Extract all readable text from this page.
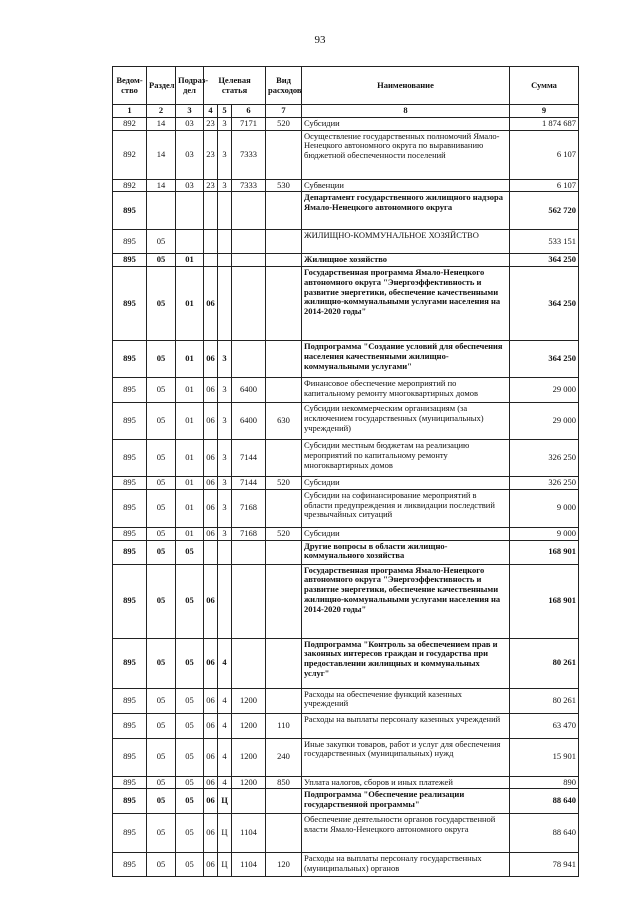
93
Ведом-ство	Раздел	Подраз-дел	Целевая статья			Вид расходов	Наименование	Сумма
1	2	3	4	5	6	7	8	9
892	14	03	23	3	7171	520	Субсидии	1 874 687
892	14	03	23	3	7333		Осуществление государственных полномочий Ямало-Ненецкого автономного округа по выравниванию бюджетной обеспеченности поселений	6 107
892	14	03	23	3	7333	530	Субвенции	6 107
895							Департамент государственного жилищного надзора Ямало-Ненецкого автономного округа	562 720
895	05						ЖИЛИЩНО-КОММУНАЛЬНОЕ ХОЗЯЙСТВО	533 151
895	05	01					Жилищное хозяйство	364 250
895	05	01	06				Государственная программа Ямало-Ненецкого автономного округа "Энергоэффективность и развитие энергетики, обеспечение качественными жилищно-коммунальными услугами населения на 2014-2020 годы"	364 250
895	05	01	06	3			Подпрограмма "Создание условий для обеспечения населения качественными жилищно-коммунальными услугами"	364 250
895	05	01	06	3	6400		Финансовое обеспечение мероприятий по капитальному ремонту многоквартирных домов	29 000
895	05	01	06	3	6400	630	Субсидии некоммерческим организациям (за исключением государственных (муниципальных) учреждений)	29 000
895	05	01	06	3	7144		Субсидии местным бюджетам на реализацию мероприятий по капитальному ремонту многоквартирных домов	326 250
895	05	01	06	3	7144	520	Субсидии	326 250
895	05	01	06	3	7168		Субсидии на софинансирование мероприятий в области предупреждения и ликвидации последствий чрезвычайных ситуаций	9 000
895	05	01	06	3	7168	520	Субсидии	9 000
895	05	05					Другие вопросы в области жилищно-коммунального хозяйства	168 901
895	05	05	06				Государственная программа Ямало-Ненецкого автономного округа "Энергоэффективность и развитие энергетики, обеспечение качественными жилищно-коммунальными услугами населения на 2014-2020 годы"	168 901
895	05	05	06	4			Подпрограмма "Контроль за обеспечением прав и законных интересов граждан и государства при предоставлении жилищных и коммунальных услуг"	80 261
895	05	05	06	4	1200		Расходы на обеспечение функций казенных учреждений	80 261
895	05	05	06	4	1200	110	Расходы на выплаты персоналу казенных учреждений	63 470
895	05	05	06	4	1200	240	Иные закупки товаров, работ и услуг для обеспечения государственных (муниципальных) нужд	15 901
895	05	05	06	4	1200	850	Уплата налогов, сборов и иных платежей	890
895	05	05	06	Ц			Подпрограмма "Обеспечение реализации государственной программы"	88 640
895	05	05	06	Ц	1104		Обеспечение деятельности органов государственной власти Ямало-Ненецкого автономного округа	88 640
895	05	05	06	Ц	1104	120	Расходы на выплаты персоналу государственных (муниципальных) органов	78 941
